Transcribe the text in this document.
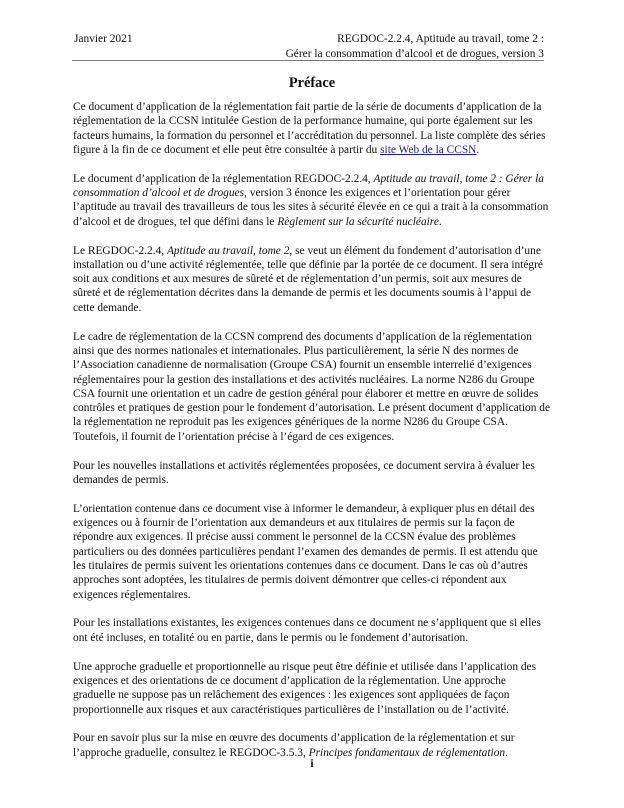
Janvier 2021	REGDOC-2.2.4, Aptitude au travail, tome 2 :
Gérer la consommation d’alcool et de drogues, version 3
Préface

Ce document d’application de la réglementation fait partie de la série de documents d’application de la réglementation de la CCSN intitulée Gestion de la performance humaine, qui porte également sur les facteurs humains, la formation du personnel et l’accréditation du personnel. La liste complète des séries figure à la fin de ce document et elle peut être consultée à partir du site Web de la CCSN.

Le document d’application de la réglementation REGDOC-2.2.4, Aptitude au travail, tome 2 : Gérer la consommation d’alcool et de drogues, version 3 énonce les exigences et l’orientation pour gérer l’aptitude au travail des travailleurs de tous les sites à sécurité élevée en ce qui a trait à la consommation d’alcool et de drogues, tel que défini dans le Règlement sur la sécurité nucléaire.

Le REGDOC-2.2.4, Aptitude au travail, tome 2, se veut un élément du fondement d’autorisation d’une installation ou d’une activité réglementée, telle que définie par la portée de ce document. Il sera intégré soit aux conditions et aux mesures de sûreté et de réglementation d’un permis, soit aux mesures de sûreté et de réglementation décrites dans la demande de permis et les documents soumis à l’appui de cette demande.

Le cadre de réglementation de la CCSN comprend des documents d’application de la réglementation ainsi que des normes nationales et internationales. Plus particulièrement, la série N des normes de l’Association canadienne de normalisation (Groupe CSA) fournit un ensemble interrelié d’exigences réglementaires pour la gestion des installations et des activités nucléaires. La norme N286 du Groupe CSA fournit une orientation et un cadre de gestion général pour élaborer et mettre en œuvre de solides contrôles et pratiques de gestion pour le fondement d’autorisation. Le présent document d’application de la réglementation ne reproduit pas les exigences génériques de la norme N286 du Groupe CSA. Toutefois, il fournit de l’orientation précise à l’égard de ces exigences.

Pour les nouvelles installations et activités réglementées proposées, ce document servira à évaluer les demandes de permis.

L’orientation contenue dans ce document vise à informer le demandeur, à expliquer plus en détail des exigences ou à fournir de l’orientation aux demandeurs et aux titulaires de permis sur la façon de répondre aux exigences. Il précise aussi comment le personnel de la CCSN évalue des problèmes particuliers ou des données particulières pendant l’examen des demandes de permis. Il est attendu que les titulaires de permis suivent les orientations contenues dans ce document. Dans le cas où d’autres approches sont adoptées, les titulaires de permis doivent démontrer que celles-ci répondent aux exigences réglementaires.

Pour les installations existantes, les exigences contenues dans ce document ne s’appliquent que si elles ont été incluses, en totalité ou en partie, dans le permis ou le fondement d’autorisation.

Une approche graduelle et proportionnelle au risque peut être définie et utilisée dans l’application des exigences et des orientations de ce document d’application de la réglementation. Une approche graduelle ne suppose pas un relâchement des exigences : les exigences sont appliquées de façon proportionnelle aux risques et aux caractéristiques particulières de l’installation ou de l’activité.

Pour en savoir plus sur la mise en œuvre des documents d’application de la réglementation et sur l’approche graduelle, consultez le REGDOC-3.5.3, Principes fondamentaux de réglementation.

i
